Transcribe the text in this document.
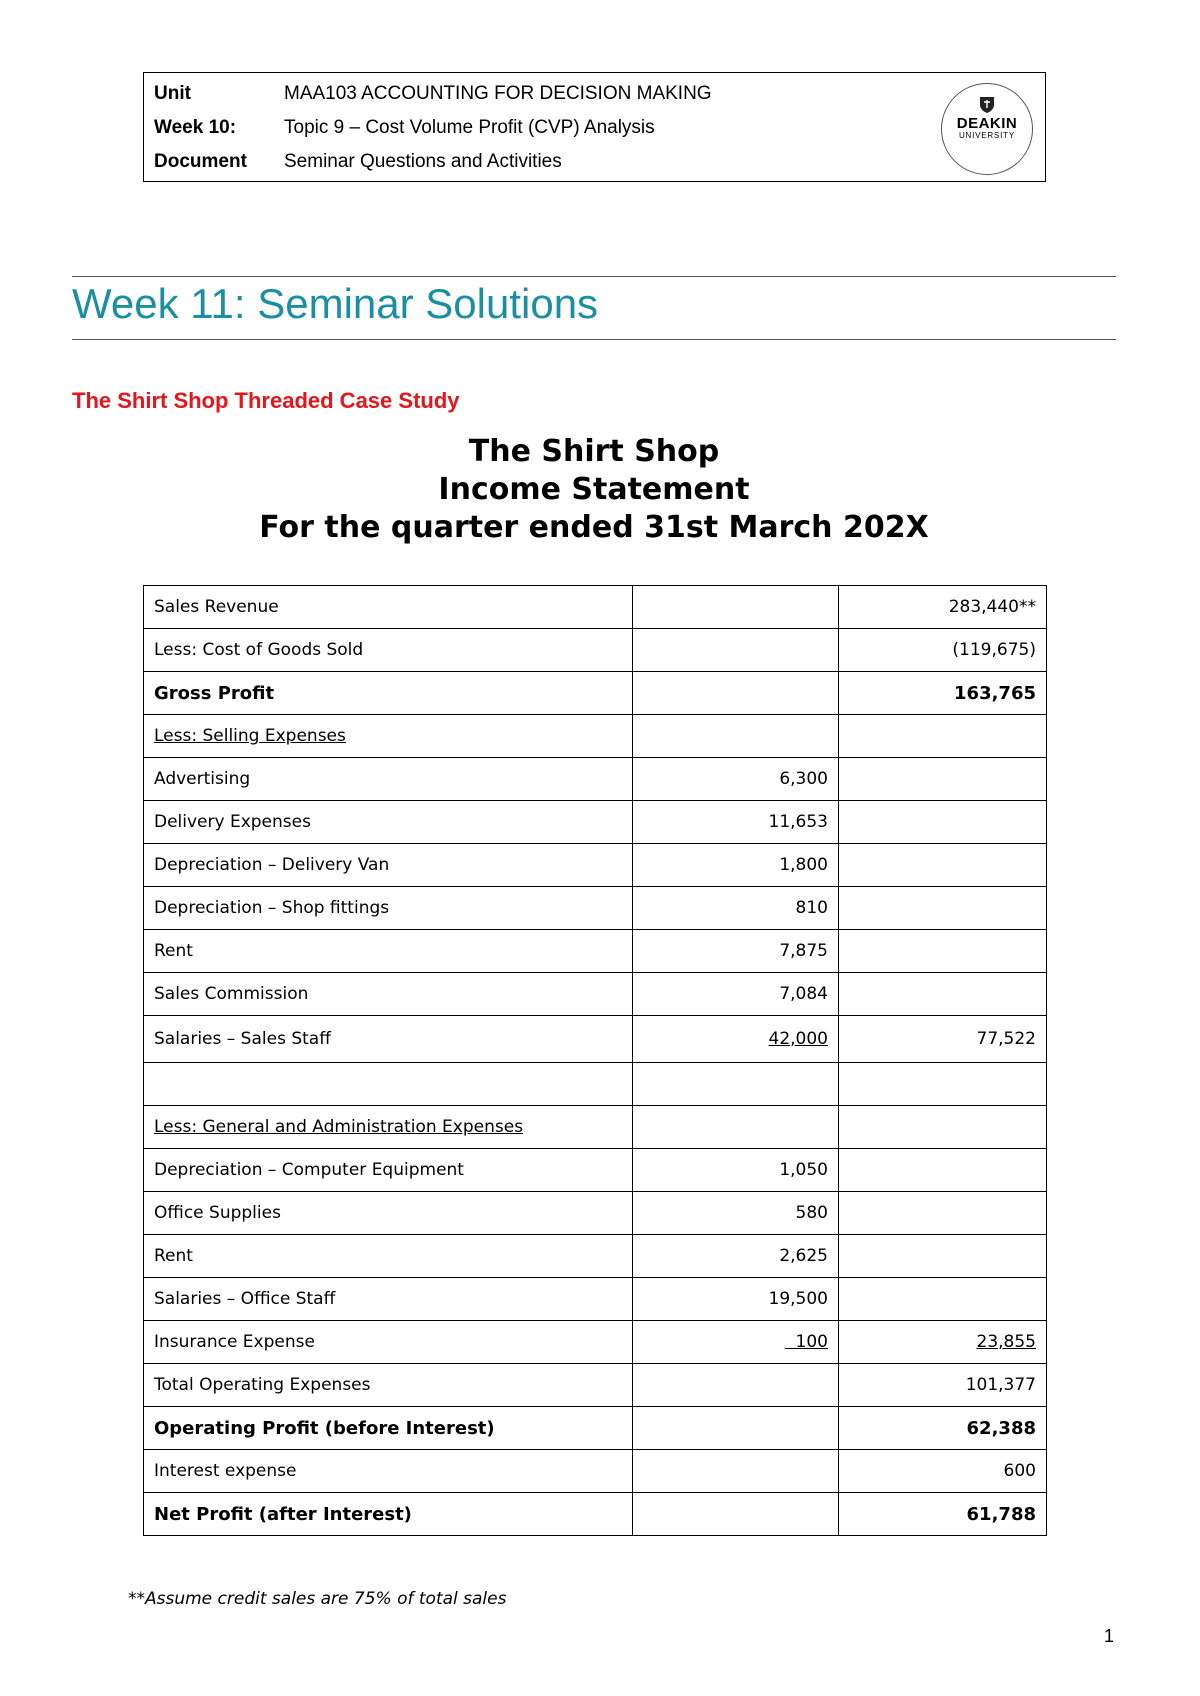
Unit	MAA103 ACCOUNTING FOR DECISION MAKING
Week 10:	Topic 9 – Cost Volume Profit (CVP) Analysis
Document Seminar Questions and Activities
DEAKIN
UNIVERSITY
Week 11: Seminar Solutions
The Shirt Shop Threaded Case Study
The Shirt Shop
Income Statement
For the quarter ended 31st March 202X
Sales Revenue		283,440**
Less: Cost of Goods Sold		(119,675)
Gross Profit		163,765
Less: Selling Expenses		
Advertising	6,300	
Delivery Expenses	11,653	
Depreciation – Delivery Van	1,800	
Depreciation – Shop fittings	810	
Rent	7,875	
Sales Commission	7,084	
Salaries – Sales Staff	42,000	77,522

Less: General and Administration Expenses		
Depreciation – Computer Equipment	1,050	
Office Supplies	580	
Rent	2,625	
Salaries – Office Staff	19,500	
Insurance Expense	100	23,855
Total Operating Expenses		101,377
Operating Profit (before Interest)		62,388
Interest expense		600
Net Profit (after Interest)		61,788
**Assume credit sales are 75% of total sales
1
